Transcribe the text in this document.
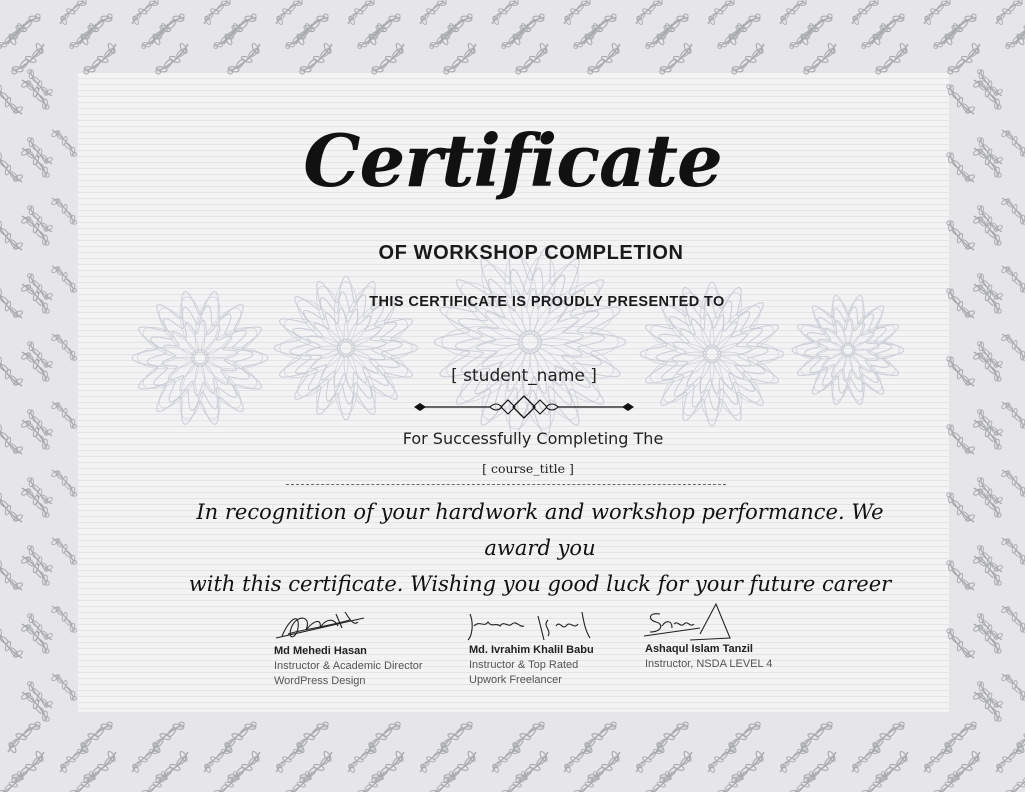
Certificate
OF WORKSHOP COMPLETION
THIS CERTIFICATE IS PROUDLY PRESENTED TO
[ student_name ]
For Successfully Completing The
[ course_title ]
In recognition of your hardwork and workshop performance. We award you
with this certificate. Wishing you good luck for your future career
Md Mehedi Hasan
Instructor & Academic Director
WordPress Design
Md. Ivrahim Khalil Babu
Instructor & Top Rated
Upwork Freelancer
Ashaqul Islam Tanzil
Instructor, NSDA LEVEL 4
